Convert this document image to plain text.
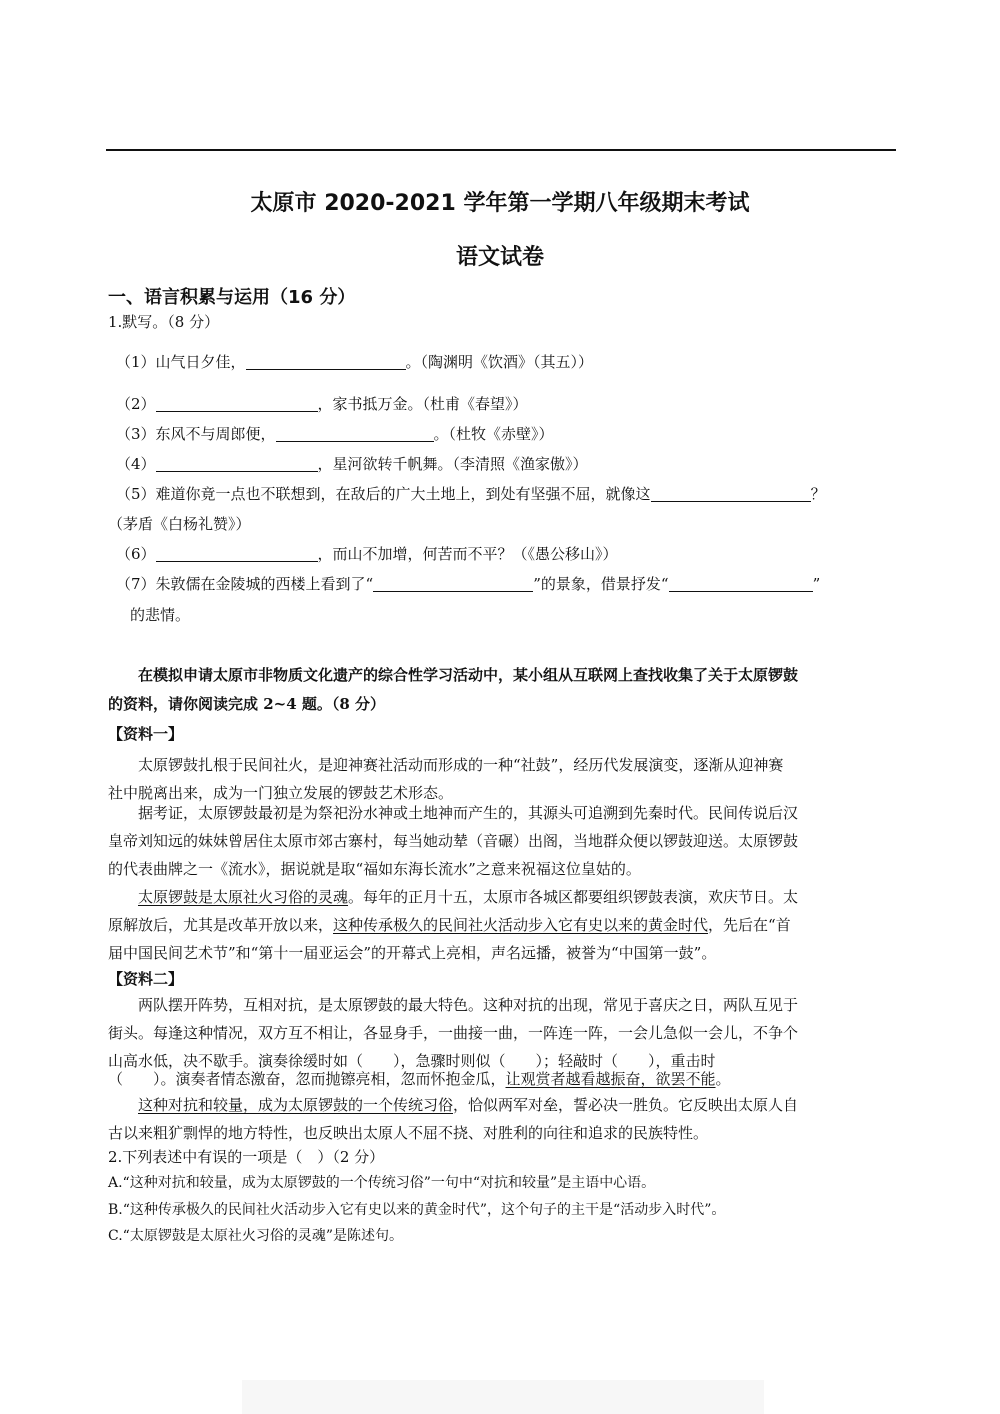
太原市 2020-2021 学年第一学期八年级期末考试
语文试卷
一、语言积累与运用（16 分）
1.默写。（8 分）
（1）山气日夕佳，	。（陶渊明《饮酒》（其五））
（2）	，家书抵万金。（杜甫《春望》）
（3）东风不与周郎便，	。（杜牧《赤壁》）
（4）	，星河欲转千帆舞。（李清照《渔家傲》）
（5）难道你竟一点也不联想到，在敌后的广大土地上，到处有坚强不屈，就像这	？
（茅盾《白杨礼赞》）
（6）	，而山不加增，何苦而不平？（《愚公移山》）
（7）朱敦儒在金陵城的西楼上看到了“	”的景象，借景抒发“	”
的悲情。
在模拟申请太原市非物质文化遗产的综合性学习活动中，某小组从互联网上查找收集了关于太原锣鼓
的资料，请你阅读完成 2~4 题。（8 分）
【资料一】
太原锣鼓扎根于民间社火，是迎神赛社活动而形成的一种“社鼓”，经历代发展演变，逐渐从迎神赛
社中脱离出来，成为一门独立发展的锣鼓艺术形态。
据考证，太原锣鼓最初是为祭祀汾水神或土地神而产生的，其源头可追溯到先秦时代。民间传说后汉
皇帝刘知远的妹妹曾居住太原市郊古寨村，每当她动辇（音碾）出阁，当地群众便以锣鼓迎送。太原锣鼓
的代表曲牌之一《流水》，据说就是取“福如东海长流水”之意来祝福这位皇姑的。
太原锣鼓是太原社火习俗的灵魂。每年的正月十五，太原市各城区都要组织锣鼓表演，欢庆节日。太
原解放后，尤其是改革开放以来，这种传承极久的民间社火活动步入它有史以来的黄金时代，先后在“首
届中国民间艺术节”和“第十一届亚运会”的开幕式上亮相，声名远播，被誉为“中国第一鼓”。
【资料二】
两队摆开阵势，互相对抗，是太原锣鼓的最大特色。这种对抗的出现，常见于喜庆之日，两队互见于
街头。每逢这种情况，双方互不相让，各显身手，一曲接一曲，一阵连一阵，一会儿急似一会儿，不争个
山高水低，决不歇手。演奏徐缓时如（　　），急骤时则似（　　）；轻敲时（　　），重击时
（　　）。演奏者情态激奋，忽而抛镲亮相，忽而怀抱金瓜，让观赏者越看越振奋，欲罢不能。
这种对抗和较量，成为太原锣鼓的一个传统习俗，恰似两军对垒，誓必决一胜负。它反映出太原人自
古以来粗犷剽悍的地方特性，也反映出太原人不屈不挠、对胜利的向往和追求的民族特性。
2.下列表述中有误的一项是（　）（2 分）
A.“这种对抗和较量，成为太原锣鼓的一个传统习俗”一句中“对抗和较量”是主语中心语。
B.“这种传承极久的民间社火活动步入它有史以来的黄金时代”，这个句子的主干是“活动步入时代”。
C.“太原锣鼓是太原社火习俗的灵魂”是陈述句。
